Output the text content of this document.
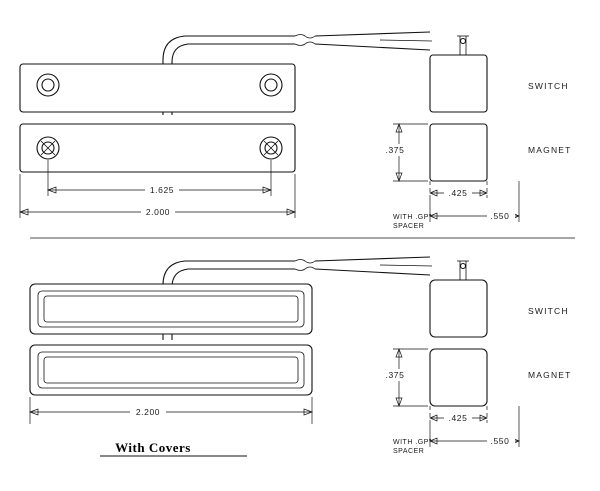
1.625
2.000
.375
.425
.550
WITH .GP"
SPACER
SWITCH
MAGNET
2.200
.375
.425
.550
WITH .GP"
SPACER
SWITCH
MAGNET
With Covers
